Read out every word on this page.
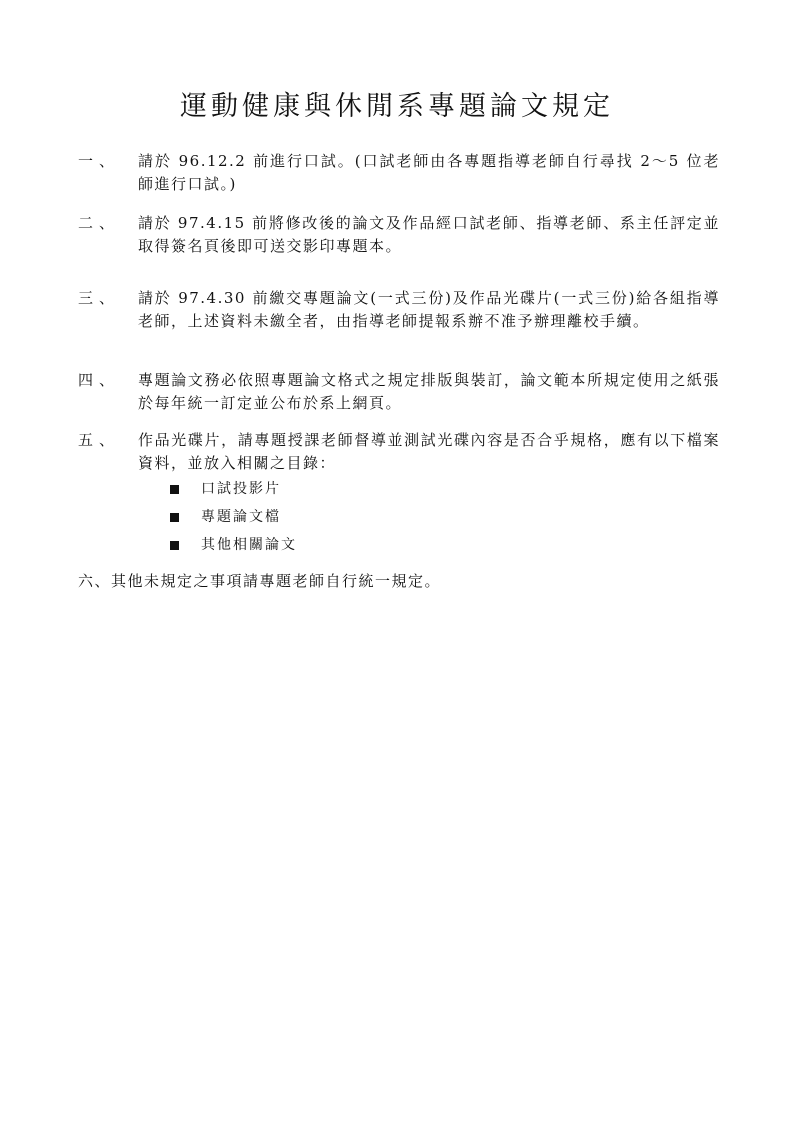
運動健康與休閒系專題論文規定
一、	請於 96.12.2 前進行口試。(口試老師由各專題指導老師自行尋找 2～5 位老師進行口試。)
二、	請於 97.4.15 前將修改後的論文及作品經口試老師、指導老師、系主任評定並取得簽名頁後即可送交影印專題本。
三、	請於 97.4.30 前繳交專題論文(一式三份)及作品光碟片(一式三份)給各組指導老師，上述資料未繳全者，由指導老師提報系辦不准予辦理離校手續。
四、	專題論文務必依照專題論文格式之規定排版與裝訂，論文範本所規定使用之紙張於每年統一訂定並公布於系上網頁。
五、	作品光碟片，請專題授課老師督導並測試光碟內容是否合乎規格，應有以下檔案資料，並放入相關之目錄：
口試投影片
專題論文檔
其他相關論文
六、其他未規定之事項請專題老師自行統一規定。
